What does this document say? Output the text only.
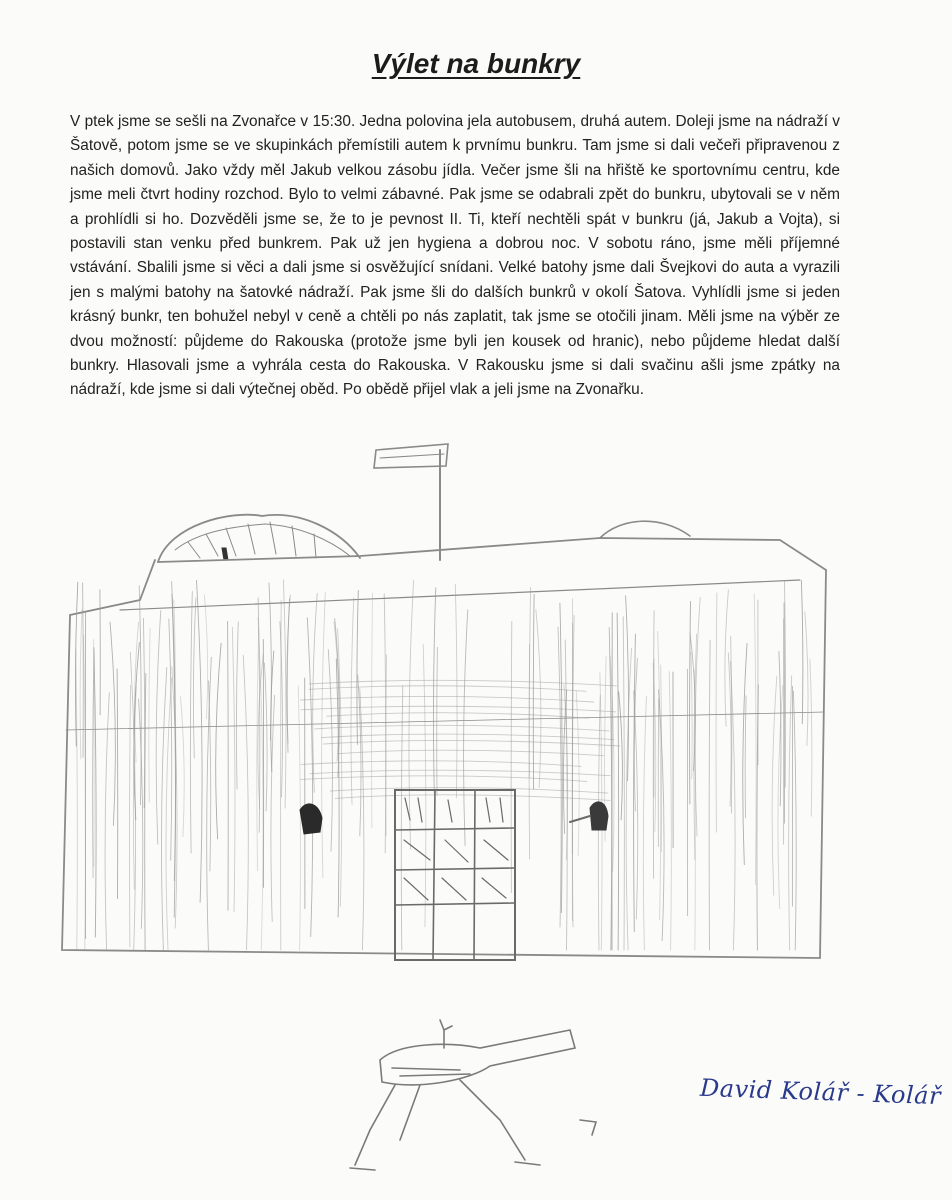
Výlet na bunkry

V ptek jsme se sešli na Zvonařce v 15:30. Jedna polovina jela autobusem, druhá autem. Doleji jsme na nádraží v Šatově, potom jsme se ve skupinkách přemístili autem k prvnímu bunkru. Tam jsme si dali večeři připravenou z našich domovů. Jako vždy měl Jakub velkou zásobu jídla. Večer jsme šli na hřiště ke sportovnímu centru, kde jsme meli čtvrt hodiny rozchod. Bylo to velmi zábavné. Pak jsme se odabrali zpět do bunkru, ubytovali se v něm a prohlídli si ho. Dozvěděli jsme se, že to je pevnost II. Ti, kteří nechtěli spát v bunkru (já, Jakub a Vojta), si postavili stan venku před bunkrem. Pak už jen hygiena a dobrou noc. V sobotu ráno, jsme měli příjemné vstávání. Sbalili jsme si věci a dali jsme si osvěžující snídani. Velké batohy jsme dali Švejkovi do auta a vyrazili jen s malými batohy na šatovké nádraží. Pak jsme šli do dalších bunkrů v okolí Šatova. Vyhlídli jsme si jeden krásný bunkr, ten bohužel nebyl v ceně a chtěli po nás zaplatit, tak jsme se otočili jinam. Měli jsme na výběr ze dvou možností: půjdeme do Rakouska (protože jsme byli jen kousek od hranic), nebo půjdeme hledat další bunkry. Hlasovali jsme a vyhrála cesta do Rakouska. V Rakousku jsme si dali svačinu ašli jsme zpátky na nádraží, kde jsme si dali výtečnej oběd. Po obědě přijel vlak a jeli jsme na Zvonařku.

David Kolář - Kolář
